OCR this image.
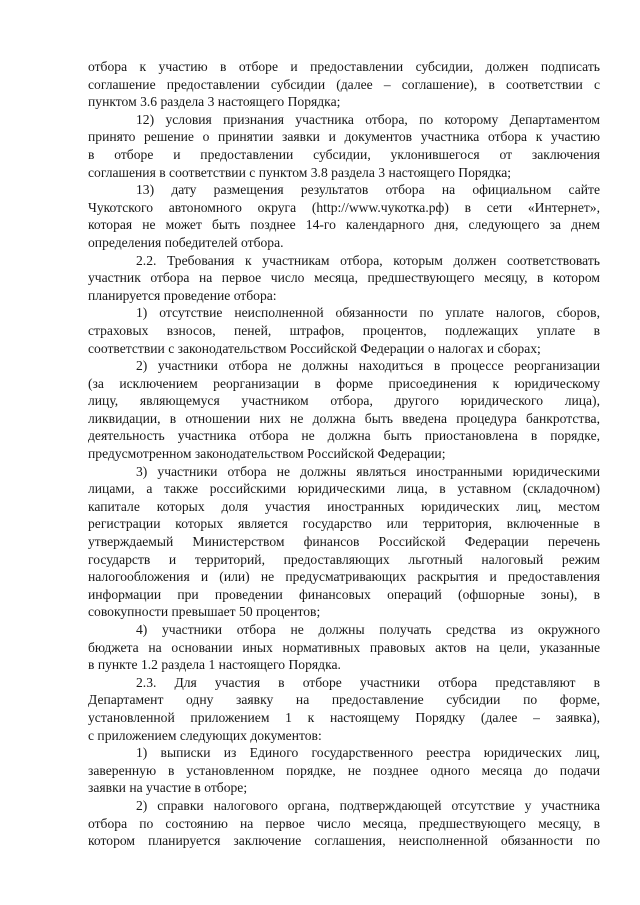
отбора к участию в отборе и предоставлении субсидии, должен подписать
соглашение предоставлении субсидии (далее – соглашение), в соответствии с
пунктом 3.6 раздела 3 настоящего Порядка;

12) условия признания участника отбора, по которому Департаментом
принято решение о принятии заявки и документов участника отбора к участию
в отборе и предоставлении субсидии, уклонившегося от заключения
соглашения в соответствии с пунктом 3.8 раздела 3 настоящего Порядка;

13) дату размещения результатов отбора на официальном сайте
Чукотского автономного округа (http://www.чукотка.рф) в сети «Интернет»,
которая не может быть позднее 14-го календарного дня, следующего за днем
определения победителей отбора.

2.2. Требования к участникам отбора, которым должен соответствовать
участник отбора на первое число месяца, предшествующего месяцу, в котором
планируется проведение отбора:

1) отсутствие неисполненной обязанности по уплате налогов, сборов,
страховых взносов, пеней, штрафов, процентов, подлежащих уплате в
соответствии с законодательством Российской Федерации о налогах и сборах;

2) участники отбора не должны находиться в процессе реорганизации
(за исключением реорганизации в форме присоединения к юридическому
лицу, являющемуся участником отбора, другого юридического лица),
ликвидации, в отношении них не должна быть введена процедура банкротства,
деятельность участника отбора не должна быть приостановлена в порядке,
предусмотренном законодательством Российской Федерации;

3) участники отбора не должны являться иностранными юридическими
лицами, а также российскими юридическими лица, в уставном (складочном)
капитале которых доля участия иностранных юридических лиц, местом
регистрации которых является государство или территория, включенные в
утверждаемый Министерством финансов Российской Федерации перечень
государств и территорий, предоставляющих льготный налоговый режим
налогообложения и (или) не предусматривающих раскрытия и предоставления
информации при проведении финансовых операций (офшорные зоны), в
совокупности превышает 50 процентов;

4) участники отбора не должны получать средства из окружного
бюджета на основании иных нормативных правовых актов на цели, указанные
в пункте 1.2 раздела 1 настоящего Порядка.

2.3. Для участия в отборе участники отбора представляют в
Департамент одну заявку на предоставление субсидии по форме,
установленной приложением 1 к настоящему Порядку (далее – заявка),
с приложением следующих документов:

1) выписки из Единого государственного реестра юридических лиц,
заверенную в установленном порядке, не позднее одного месяца до подачи
заявки на участие в отборе;

2) справки налогового органа, подтверждающей отсутствие у участника
отбора по состоянию на первое число месяца, предшествующего месяцу, в
котором планируется заключение соглашения, неисполненной обязанности по
